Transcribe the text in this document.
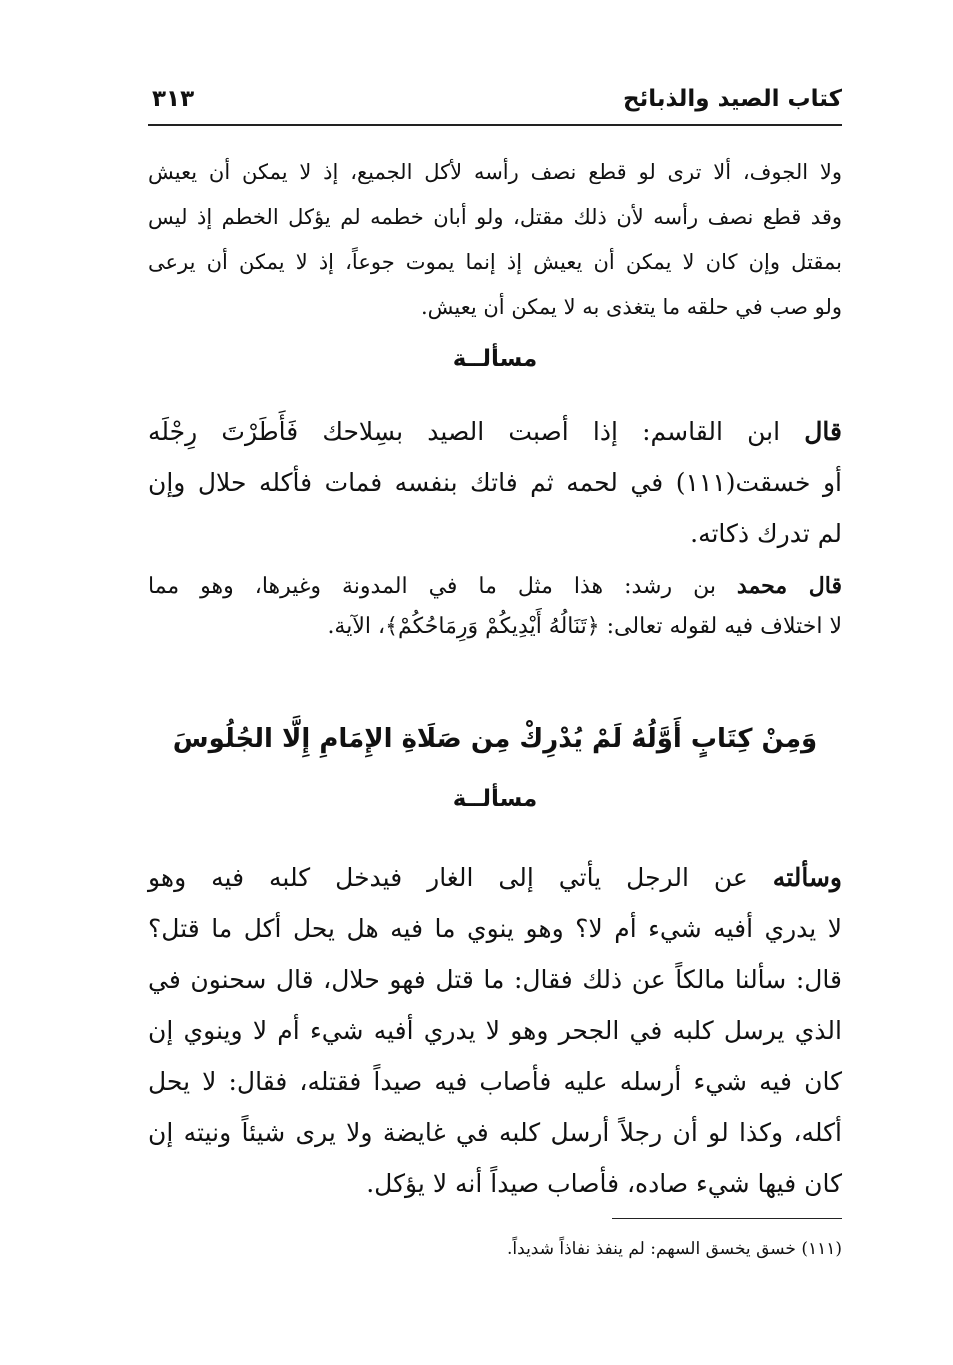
كتاب الصيد والذبائح
٣١٣
ولا الجوف، ألا ترى لو قطع نصف رأسه لأكل الجميع، إذ لا يمكن أن يعيش
وقد قطع نصف رأسه لأن ذلك مقتل، ولو أبان خطمه لم يؤكل الخطم إذ ليس
بمقتل وإن كان لا يمكن أن يعيش إذ إنما يموت جوعاً، إذ لا يمكن أن يرعى
ولو صب في حلقه ما يتغذى به لا يمكن أن يعيش.
مسألــة
قال ابن القاسم: إذا أصبت الصيد بسِلاحك فَأَطَرْتَ رِجْلَه
أو خسقت(١١١) في لحمه ثم فاتك بنفسه فمات فأكله حلال وإن
لم تدرك ذكاته.
قال محمد بن رشد: هذا مثل ما في المدونة وغيرها، وهو مما
لا اختلاف فيه لقوله تعالى: ﴿تَنَالُهُ أَيْدِيكُمْ وَرِمَاحُكُمْ﴾، الآية.
وَمِنْ كِتَابٍ أَوَّلُهُ لَمْ يُدْرِكْ مِن صَلَاةِ الإِمَامِ إِلَّا الجُلُوسَ
مسألــة
وسألته عن الرجل يأتي إلى الغار فيدخل كلبه فيه وهو
لا يدري أفيه شيء أم لا؟ وهو ينوي ما فيه هل يحل أكل ما قتل؟
قال: سألنا مالكاً عن ذلك فقال: ما قتل فهو حلال، قال سحنون في
الذي يرسل كلبه في الجحر وهو لا يدري أفيه شيء أم لا وينوي إن
كان فيه شيء أرسله عليه فأصاب فيه صيداً فقتله، فقال: لا يحل
أكله، وكذا لو أن رجلاً أرسل كلبه في غايضة ولا يرى شيئاً ونيته إن
كان فيها شيء صاده، فأصاب صيداً أنه لا يؤكل.
(١١١) خسق يخسق السهم: لم ينفذ نفاذاً شديداً.
